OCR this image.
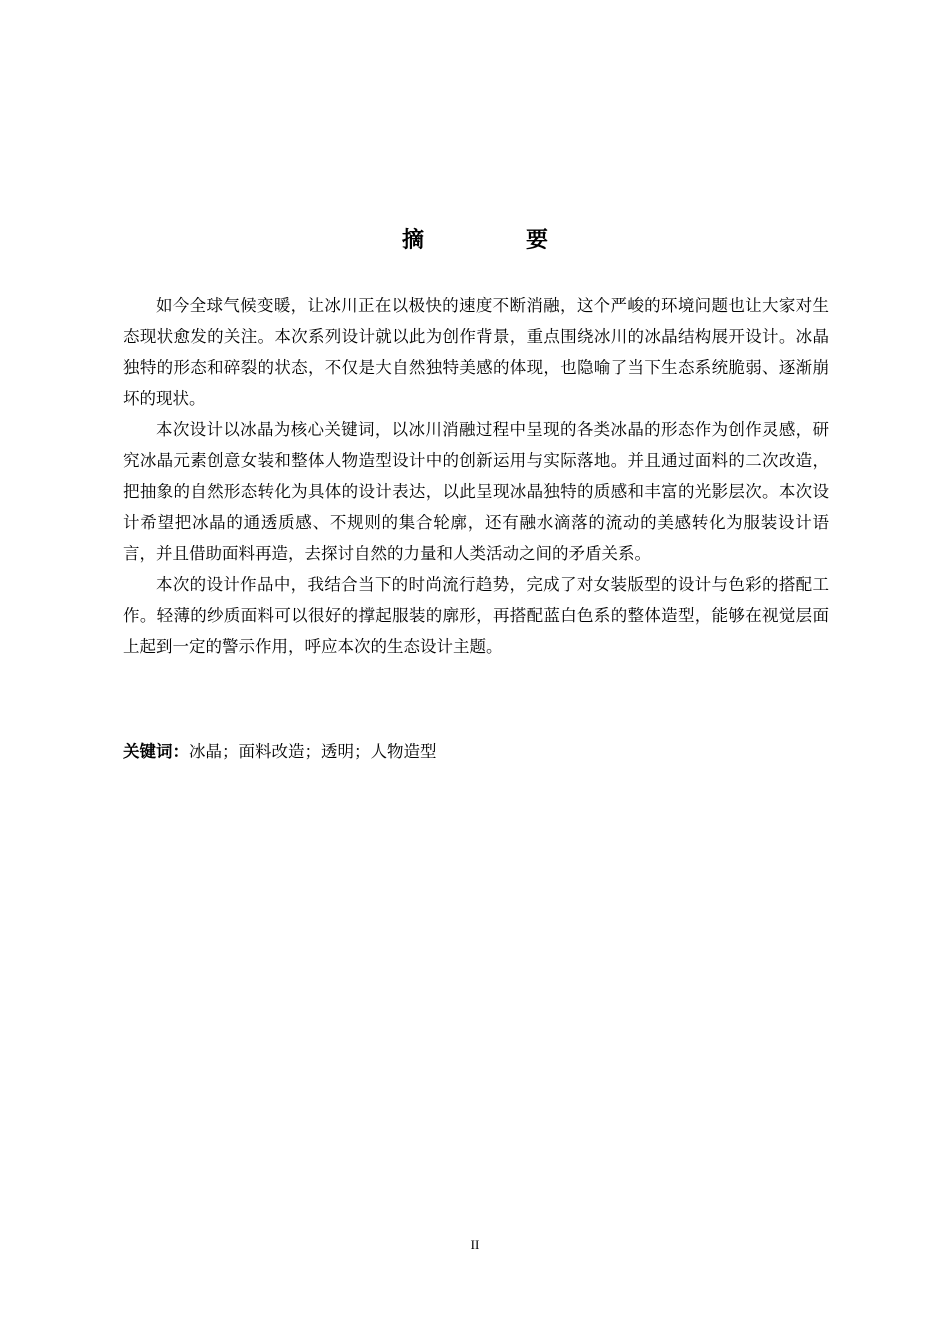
摘　要

如今全球气候变暖，让冰川正在以极快的速度不断消融，这个严峻的环境问题也让大家对生态现状愈发的关注。本次系列设计就以此为创作背景，重点围绕冰川的冰晶结构展开设计。冰晶独特的形态和碎裂的状态，不仅是大自然独特美感的体现，也隐喻了当下生态系统脆弱、逐渐崩坏的现状。

本次设计以冰晶为核心关键词，以冰川消融过程中呈现的各类冰晶的形态作为创作灵感，研究冰晶元素创意女装和整体人物造型设计中的创新运用与实际落地。并且通过面料的二次改造，把抽象的自然形态转化为具体的设计表达，以此呈现冰晶独特的质感和丰富的光影层次。本次设计希望把冰晶的通透质感、不规则的集合轮廓，还有融水滴落的流动的美感转化为服装设计语言，并且借助面料再造，去探讨自然的力量和人类活动之间的矛盾关系。

本次的设计作品中，我结合当下的时尚流行趋势，完成了对女装版型的设计与色彩的搭配工作。轻薄的纱质面料可以很好的撑起服装的廓形，再搭配蓝白色系的整体造型，能够在视觉层面上起到一定的警示作用，呼应本次的生态设计主题。

关键词：冰晶；面料改造；透明；人物造型
II
